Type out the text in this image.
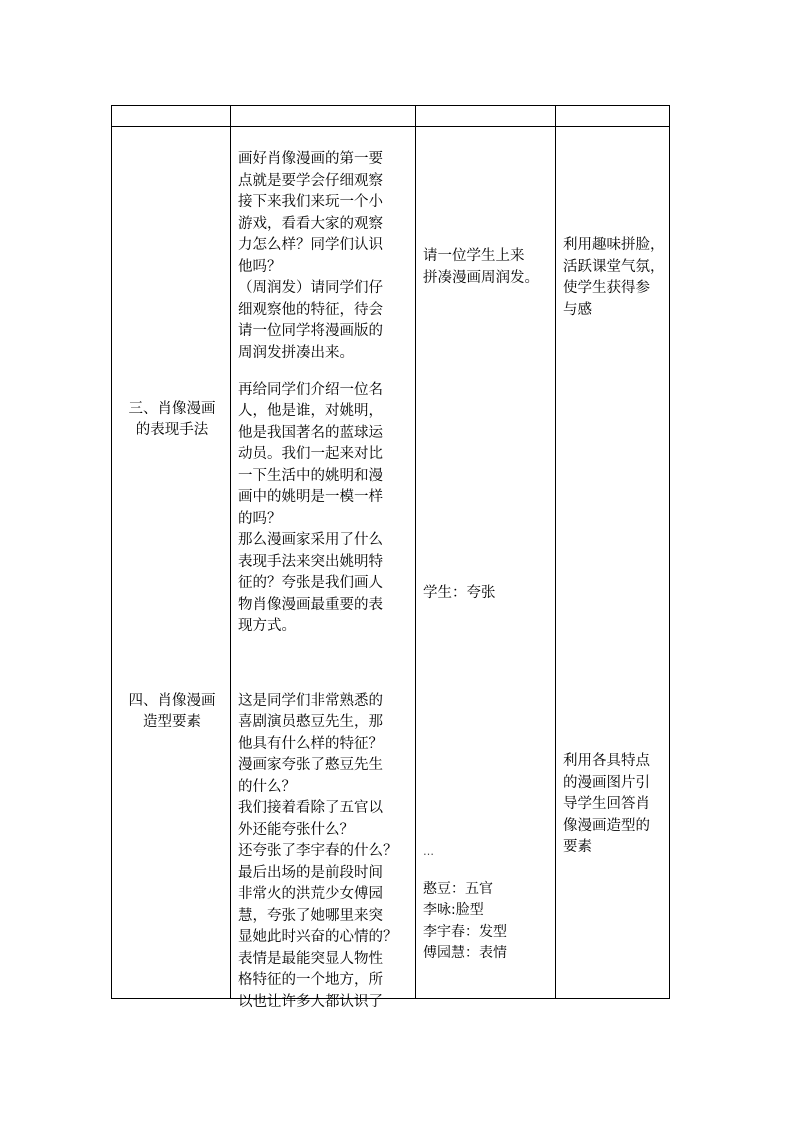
三、肖像漫画
的表现手法
画好肖像漫画的第一要
点就是要学会仔细观察
接下来我们来玩一个小
游戏，看看大家的观察
力怎么样？同学们认识
他吗？
（周润发）请同学们仔
细观察他的特征，待会
请一位同学将漫画版的
周润发拼凑出来。
再给同学们介绍一位名
人，他是谁，对姚明，
他是我国著名的蓝球运
动员。我们一起来对比
一下生活中的姚明和漫
画中的姚明是一模一样
的吗？
那么漫画家采用了什么
表现手法来突出姚明特
征的？夸张是我们画人
物肖像漫画最重要的表
现方式。
请一位学生上来
拼凑漫画周润发。
学生：夸张
利用趣味拼脸，
活跃课堂气氛，
使学生获得参
与感
四、肖像漫画
造型要素
这是同学们非常熟悉的
喜剧演员憨豆先生，那
他具有什么样的特征？
漫画家夸张了憨豆先生
的什么？
我们接着看除了五官以
外还能夸张什么？
还夸张了李宇春的什么？
最后出场的是前段时间
非常火的洪荒少女傅园
慧，夸张了她哪里来突
显她此时兴奋的心情的？
表情是最能突显人物性
格特征的一个地方，所
以也让许多人都认识了
…
憨豆：五官
李咏:脸型
李宇春：发型
傅园慧：表情
利用各具特点
的漫画图片引
导学生回答肖
像漫画造型的
要素
